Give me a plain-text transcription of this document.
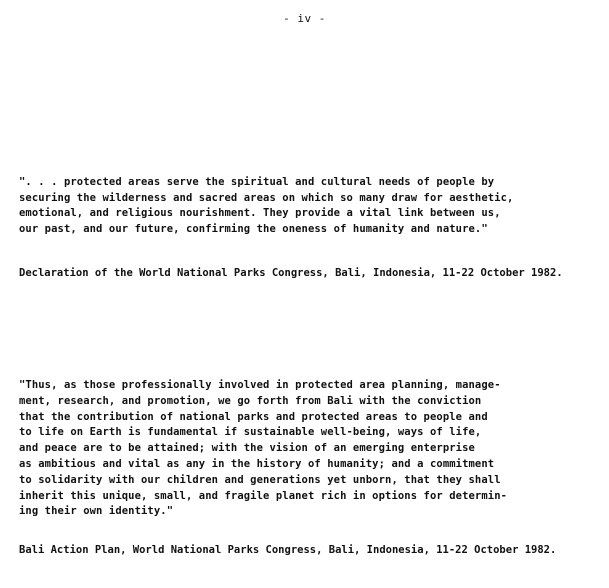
- iv -
". . . protected areas serve the spiritual and cultural needs of people by
securing the wilderness and sacred areas on which so many draw for aesthetic,
emotional, and religious nourishment. They provide a vital link between us,
our past, and our future, confirming the oneness of humanity and nature."
Declaration of the World National Parks Congress, Bali, Indonesia, 11-22 October 1982.
"Thus, as those professionally involved in protected area planning, manage-
ment, research, and promotion, we go forth from Bali with the conviction
that the contribution of national parks and protected areas to people and
to life on Earth is fundamental if sustainable well-being, ways of life,
and peace are to be attained; with the vision of an emerging enterprise
as ambitious and vital as any in the history of humanity; and a commitment
to solidarity with our children and generations yet unborn, that they shall
inherit this unique, small, and fragile planet rich in options for determin-
ing their own identity."
Bali Action Plan, World National Parks Congress, Bali, Indonesia, 11-22 October 1982.
